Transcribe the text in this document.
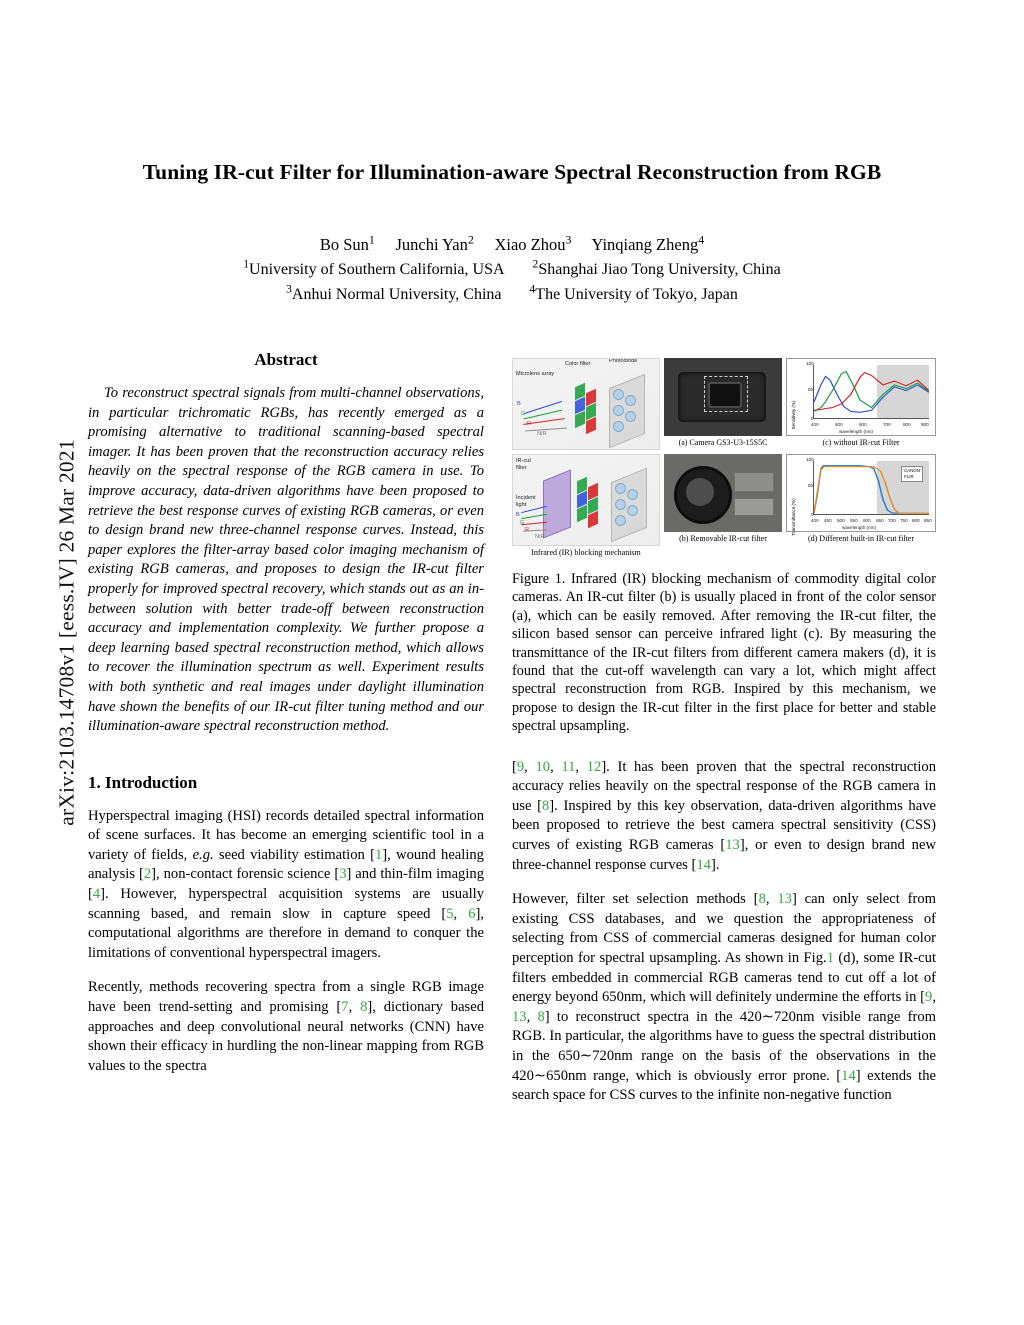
arXiv:2103.14708v1 [eess.IV] 26 Mar 2021
Tuning IR-cut Filter for Illumination-aware Spectral Reconstruction from RGB
Bo Sun$^1$ Junchi Yan$^2$ Xiao Zhou$^3$ Yinqiang Zheng$^4$
$^1$University of Southern California, USA $^2$Shanghai Jiao Tong University, China
$^3$Anhui Normal University, China $^4$The University of Tokyo, Japan
Abstract

To reconstruct spectral signals from multi-channel observations, in particular trichromatic RGBs, has recently emerged as a promising alternative to traditional scanning-based spectral imager. It has been proven that the reconstruction accuracy relies heavily on the spectral response of the RGB camera in use. To improve accuracy, data-driven algorithms have been proposed to retrieve the best response curves of existing RGB cameras, or even to design brand new three-channel response curves. Instead, this paper explores the filter-array based color imaging mechanism of existing RGB cameras, and proposes to design the IR-cut filter properly for improved spectral recovery, which stands out as an in-between solution with better trade-off between reconstruction accuracy and implementation complexity. We further propose a deep learning based spectral reconstruction method, which allows to recover the illumination spectrum as well. Experiment results with both synthetic and real images under daylight illumination have shown the benefits of our IR-cut filter tuning method and our illumination-aware spectral reconstruction method.

1. Introduction

Hyperspectral imaging (HSI) records detailed spectral information of scene surfaces. It has become an emerging scientific tool in a variety of fields, e.g. seed viability estimation [1], wound healing analysis [2], non-contact forensic science [3] and thin-film imaging [4]. However, hyperspectral acquisition systems are usually scanning based, and remain slow in capture speed [5, 6], computational algorithms are therefore in demand to conquer the limitations of conventional hyperspectral imagers.

Recently, methods recovering spectra from a single RGB image have been trend-setting and promising [7, 8], dictionary based approaches and deep convolutional neural networks (CNN) have shown their efficacy in hurdling the non-linear mapping from RGB values to the spectra

Color filter	Photodiode
Microlens array
B
G
R
NIR
IR-cut
filter
Incident
light
B
G
R
NIR
Infrared (IR) blocking mechanism
(a) Camera GS3-U3-15S5C
(b) Removable IR-cut filter
100
50
0
Sensitivity (%)	400	500	600	700	800 900
wavelength (nm)
(c) without IR-cut Filter
CANON
FLIR
100
50
0
Transmittance (%)	400 450 500 550 600 650 700 750 800 850
wavelength (nm)
(d) Different built-in IR-cut filter
Figure 1. Infrared (IR) blocking mechanism of commodity digital color cameras. An IR-cut filter (b) is usually placed in front of the color sensor (a), which can be easily removed. After removing the IR-cut filter, the silicon based sensor can perceive infrared light (c). By measuring the transmittance of the IR-cut filters from different camera makers (d), it is found that the cut-off wavelength can vary a lot, which might affect spectral reconstruction from RGB. Inspired by this mechanism, we propose to design the IR-cut filter in the first place for better and stable spectral upsampling.

[9, 10, 11, 12]. It has been proven that the spectral reconstruction accuracy relies heavily on the spectral response of the RGB camera in use [8]. Inspired by this key observation, data-driven algorithms have been proposed to retrieve the best camera spectral sensitivity (CSS) curves of existing RGB cameras [13], or even to design brand new three-channel response curves [14].

However, filter set selection methods [8, 13] can only select from existing CSS databases, and we question the appropriateness of selecting from CSS of commercial cameras designed for human color perception for spectral upsampling. As shown in Fig.1 (d), some IR-cut filters embedded in commercial RGB cameras tend to cut off a lot of energy beyond 650nm, which will definitely undermine the efforts in [9, 13, 8] to reconstruct spectra in the 420∼720nm visible range from RGB. In particular, the algorithms have to guess the spectral distribution in the 650∼720nm range on the basis of the observations in the 420∼650nm range, which is obviously error prone. [14] extends the search space for CSS curves to the infinite non-negative function
